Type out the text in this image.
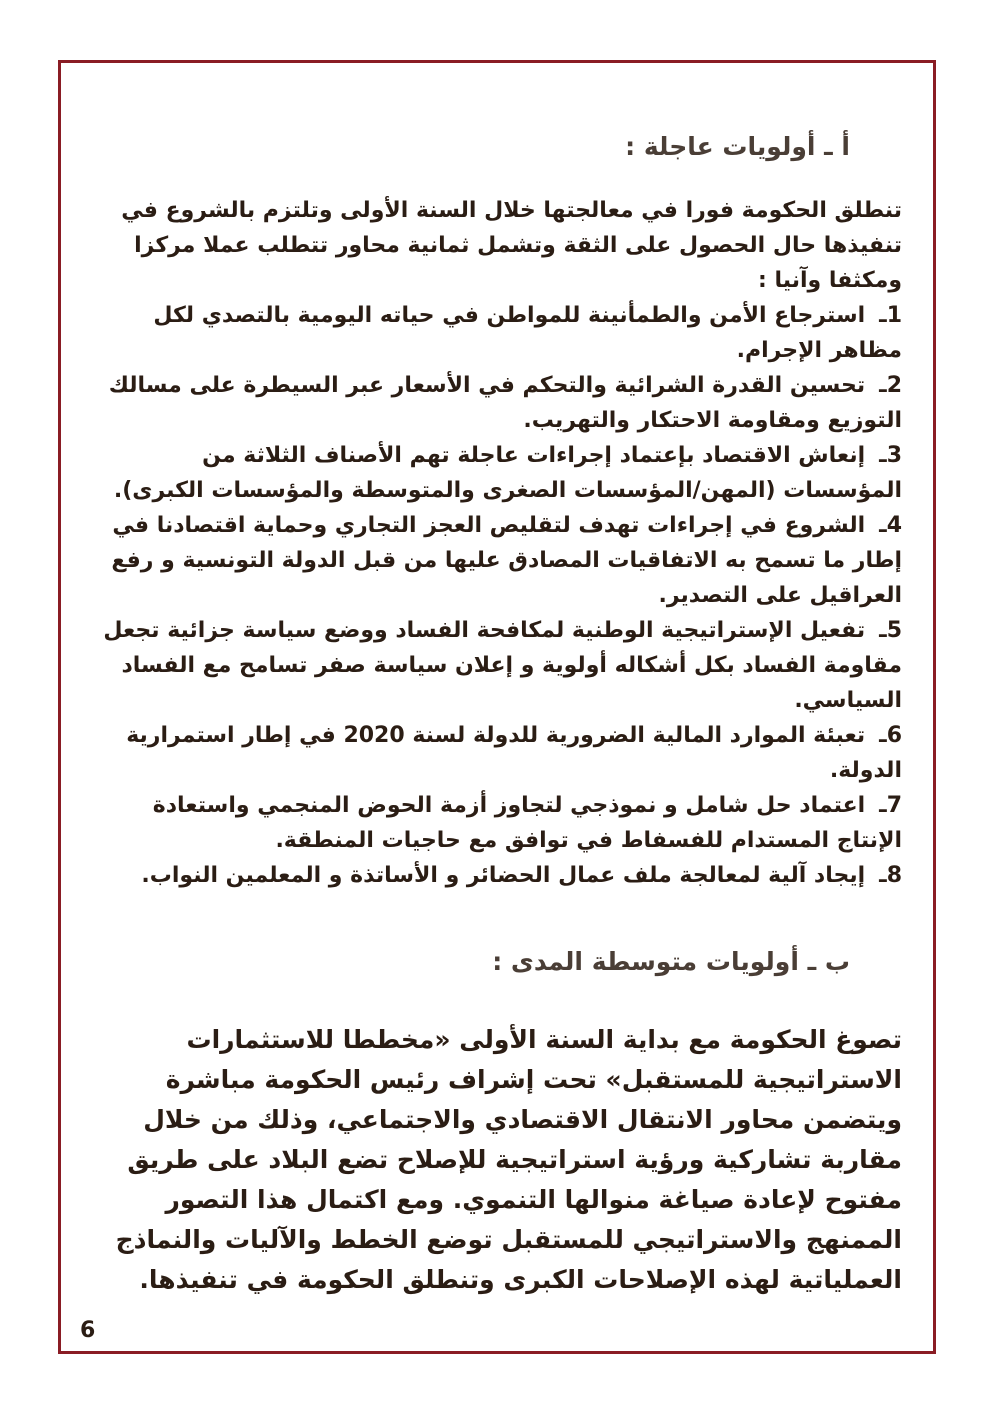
أ ـ أولويات عاجلة :

تنطلق الحكومة فورا في معالجتها خلال السنة الأولى وتلتزم بالشروع في تنفيذها حال الحصول على الثقة وتشمل ثمانية محاور تتطلب عملا مركزا ومكثفا وآنيا :

1ـاسترجاع الأمن والطمأنينة للمواطن في حياته اليومية بالتصدي لكل مظاهر الإجرام.

2ـتحسين القدرة الشرائية والتحكم في الأسعار عبر السيطرة على مسالك التوزيع ومقاومة الاحتكار والتهريب.

3ـإنعاش الاقتصاد بإعتماد إجراءات عاجلة تهم الأصناف الثلاثة من المؤسسات (المهن/المؤسسات الصغرى والمتوسطة والمؤسسات الكبرى).

4ـالشروع في إجراءات تهدف لتقليص العجز التجاري وحماية اقتصادنا في إطار ما تسمح به الاتفاقيات المصادق عليها من قبل الدولة التونسية و رفع العراقيل على التصدير.

5ـتفعيل الإستراتيجية الوطنية لمكافحة الفساد ووضع سياسة جزائية تجعل مقاومة الفساد بكل أشكاله أولوية و إعلان سياسة صفر تسامح مع الفساد السياسي.

6ـتعبئة الموارد المالية الضرورية للدولة لسنة 2020 في إطار استمرارية الدولة.

7ـاعتماد حل شامل و نموذجي لتجاوز أزمة الحوض المنجمي واستعادة الإنتاج المستدام للفسفاط في توافق مع حاجيات المنطقة.

8ـإيجاد آلية لمعالجة ملف عمال الحضائر و الأساتذة و المعلمين النواب.

ب ـ أولويات متوسطة المدى :

تصوغ الحكومة مع بداية السنة الأولى «مخططا للاستثمارات الاستراتيجية للمستقبل» تحت إشراف رئيس الحكومة مباشرة ويتضمن محاور الانتقال الاقتصادي والاجتماعي، وذلك من خلال مقاربة تشاركية ورؤية استراتيجية للإصلاح تضع البلاد على طريق مفتوح لإعادة صياغة منوالها التنموي. ومع اكتمال هذا التصور الممنهج والاستراتيجي للمستقبل توضع الخطط والآليات والنماذج العملياتية لهذه الإصلاحات الكبرى وتنطلق الحكومة في تنفيذها.

6
